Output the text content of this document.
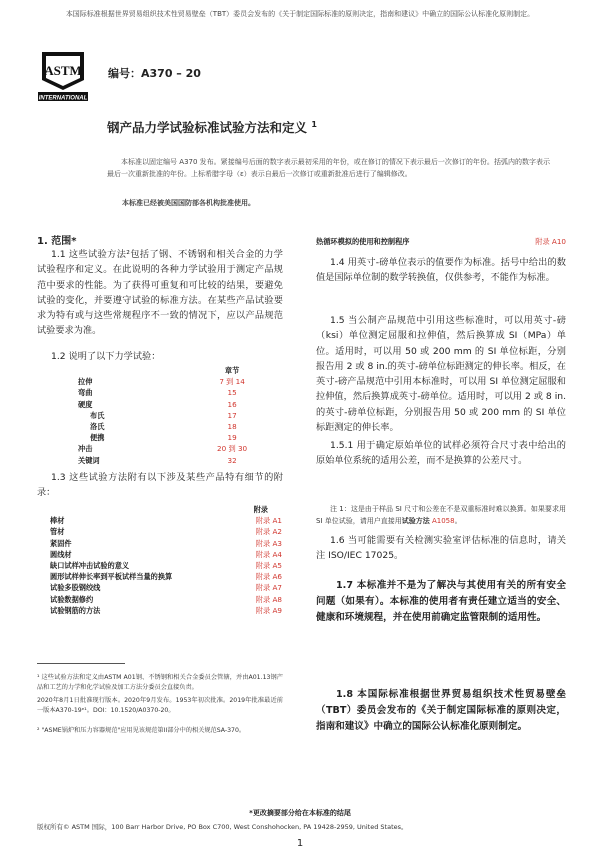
本国际标准根据世界贸易组织技术性贸易壁垒（TBT）委员会发布的《关于制定国际标准的原则决定，指南和建议》中确立的国际公认标准化原则制定。
ASTM
INTERNATIONAL
编号：A370 – 20
钢产品力学试验标准试验方法和定义 $^1$
本标准以固定编号 A370 发布。紧接编号后面的数字表示最初采用的年份，或在修订的情况下表示最后一次修订的年份。括弧内的数字表示最后一次重新批准的年份。上标希腊字母（ε）表示自最后一次修订或重新批准后进行了编辑修改。
本标准已经被美国国防部各机构批准使用。
1. 范围*
1.1 这些试验方法²包括了钢、不锈钢和相关合金的力学试验程序和定义。在此说明的各种力学试验用于测定产品规范中要求的性能。为了获得可重复和可比较的结果，要避免试验的变化，并要遵守试验的标准方法。在某些产品试验要求为特有或与这些常规程序不一致的情况下，应以产品规范试验要求为准。
1.2 说明了以下力学试验：
	章节
拉伸	7 到 14
弯曲	15
硬度	16
布氏	17
洛氏	18
便携	19
冲击	20 到 30
关键词	32
1.3 这些试验方法附有以下涉及某些产品特有细节的附录：
	附录
棒材	附录 A1
管材	附录 A2
紧固件	附录 A3
圆线材	附录 A4
缺口试样冲击试验的意义	附录 A5
圆形试样伸长率到平板试样当量的换算	附录 A6
试验多股钢绞线	附录 A7
试验数据修约	附录 A8
试验钢筋的方法	附录 A9
¹ 这些试验方法和定义由ASTM A01钢、不锈钢和相关合金委员会管辖，并由A01.13钢产品和工艺的力学和化学试验及加工方法分委员会直接负责。
2020年8月1日批准现行版本。2020年9月发布。1953年初次批准。2019年批准最近前一版本A370-19ᵉ¹。DOI：10.1520/A0370-20。
² "ASME锅炉和压力容器规范"应用见该规范第II部分中的相关规范SA-370。
热循环模拟的使用和控制程序	附录 A10
1.4 用英寸-磅单位表示的值要作为标准。括号中给出的数值是国际单位制的数学转换值，仅供参考，不能作为标准。
1.5 当公制产品规范中引用这些标准时，可以用英寸-磅（ksi）单位测定屈服和拉伸值，然后换算成 SI（MPa）单位。适用时，可以用 50 或 200 mm 的 SI 单位标距，分别报告用 2 或 8 in.的英寸-磅单位标距测定的伸长率。相反，在英寸-磅产品规范中引用本标准时，可以用 SI 单位测定屈服和拉伸值，然后换算成英寸-磅单位。适用时，可以用 2 或 8 in.的英寸-磅单位标距，分别报告用 50 或 200 mm 的 SI 单位标距测定的伸长率。
1.5.1 用于确定原始单位的试样必须符合尺寸表中给出的原始单位系统的适用公差，而不是换算的公差尺寸。
注 1：这是由于样品 SI 尺寸和公差在不是双重标准时难以换算。如果要求用 SI 单位试验，请用户直接用试验方法 A1058。
1.6 当可能需要有关检测实验室评估标准的信息时，请关注 ISO/IEC 17025。
1.7 本标准并不是为了解决与其使用有关的所有安全问题（如果有）。本标准的使用者有责任建立适当的安全、健康和环境规程，并在使用前确定监管限制的适用性。
1.8 本国际标准根据世界贸易组织技术性贸易壁垒（TBT）委员会发布的《关于制定国际标准的原则决定，指南和建议》中确立的国际公认标准化原则制定。
*更改摘要部分给在本标准的结尾
版权所有© ASTM 国际，100 Barr Harbor Drive, PO Box C700, West Conshohocken, PA 19428-2959, United States。
1
